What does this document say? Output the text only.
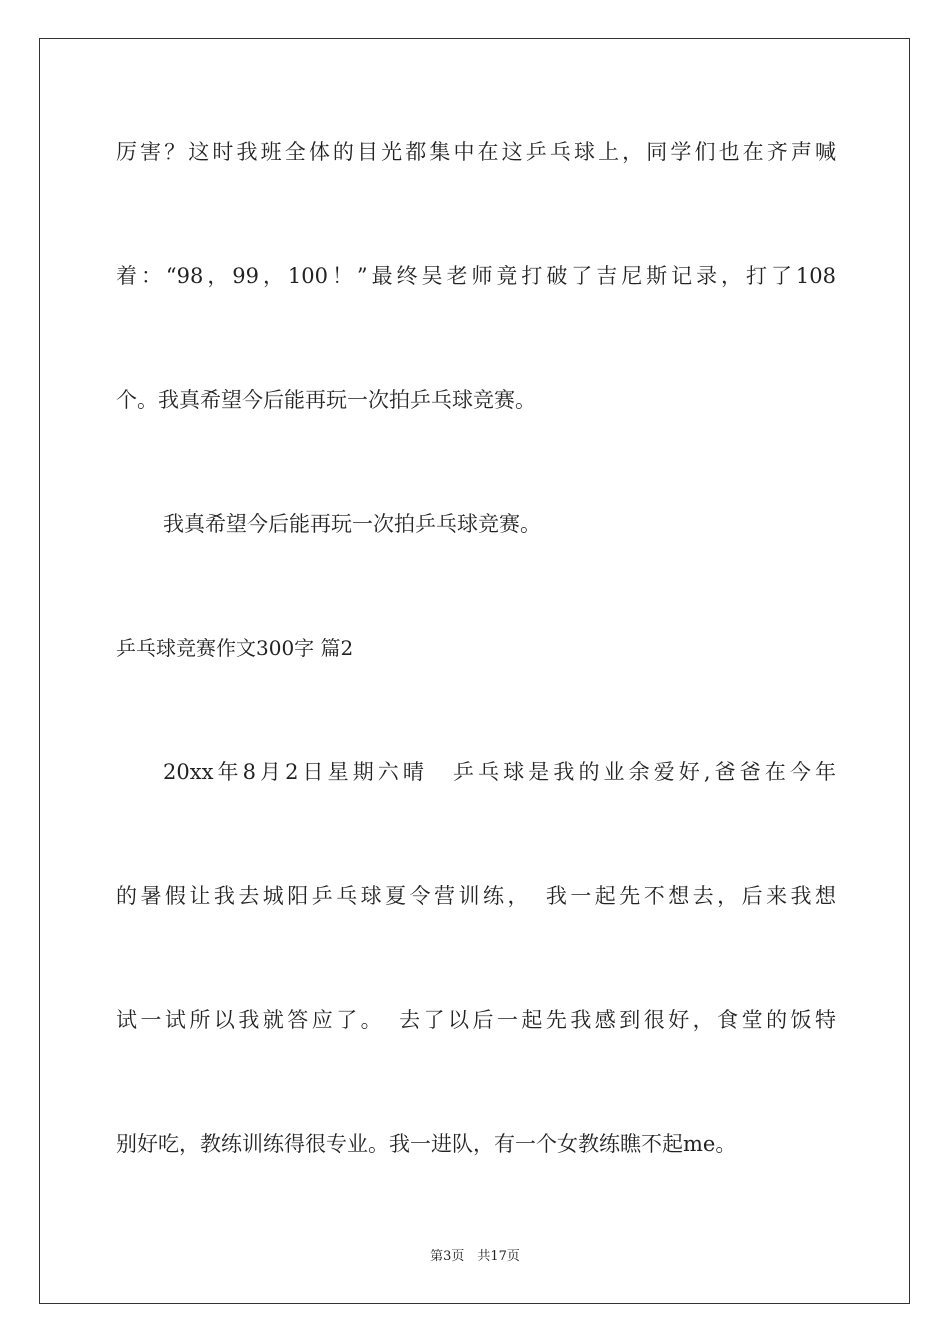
厉害？这时我班全体的目光都集中在这乒乓球上，同学们也在齐声喊
着：“98，99，100！”最终吴老师竟打破了吉尼斯记录，打了108
个。我真希望今后能再玩一次拍乒乓球竞赛。
我真希望今后能再玩一次拍乒乓球竞赛。
乒乓球竞赛作文300字 篇2
20xx年8月2日星期六晴　乒乓球是我的业余爱好,爸爸在今年
的暑假让我去城阳乒乓球夏令营训练，　我一起先不想去，后来我想
试一试所以我就答应了。　去了以后一起先我感到很好，食堂的饭特
别好吃，教练训练得很专业。我一进队，有一个女教练瞧不起me。
第3页　共17页
